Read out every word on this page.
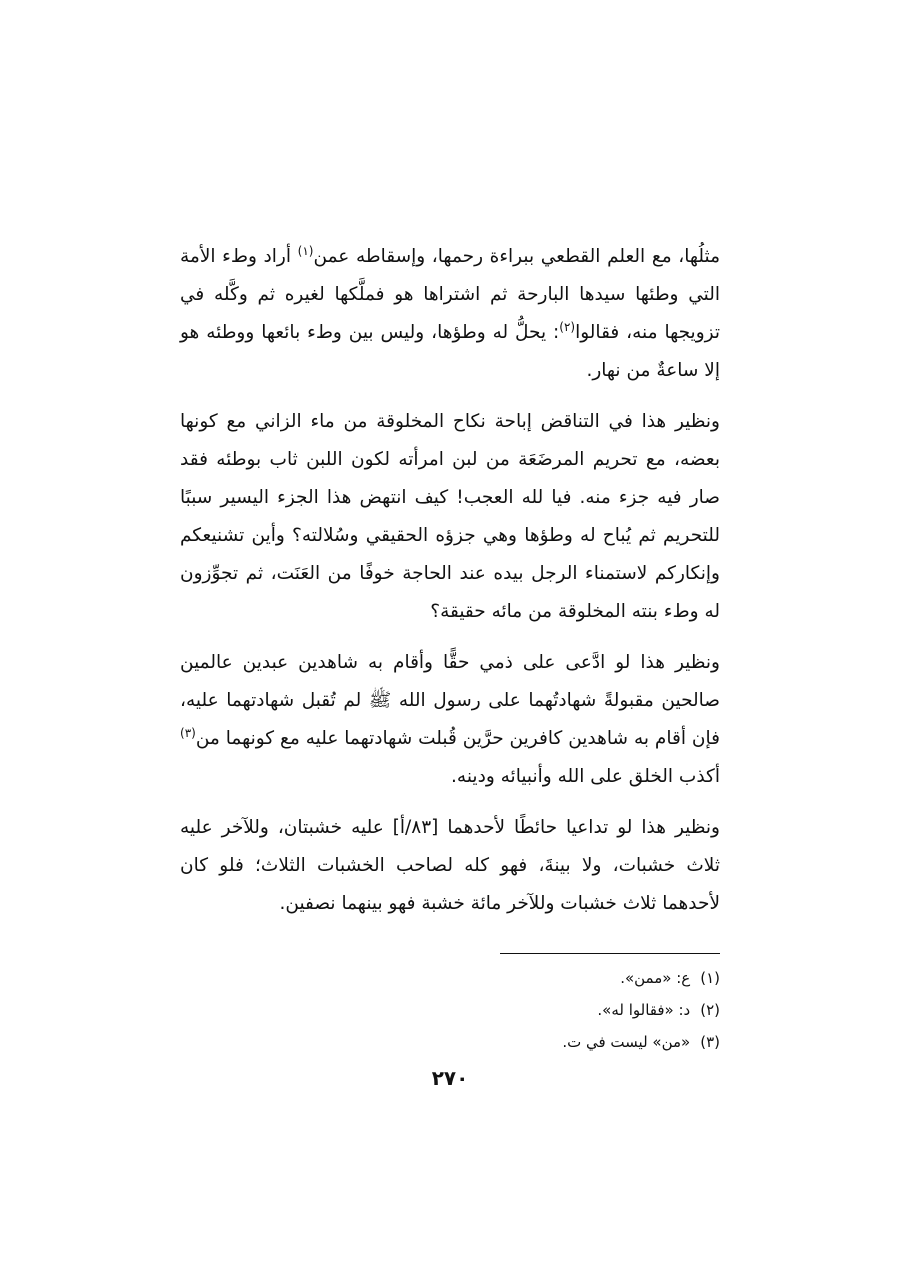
مثلُها، مع العلم القطعي ببراءة رحمها، وإسقاطه عمن$^{(١)}$ أراد وطء الأمة التي وطئها سيدها البارحة ثم اشتراها هو فملَّكها لغيره ثم وكَّله في تزويجها منه، فقالوا$^{(٢)}$: يحلُّ له وطؤها، وليس بين وطء بائعها ووطئه هو إلا ساعةٌ من نهار.

ونظير هذا في التناقض إباحة نكاح المخلوقة من ماء الزاني مع كونها بعضه، مع تحريم المرضَعَة من لبن امرأته لكون اللبن ثاب بوطئه فقد صار فيه جزء منه. فيا لله العجب! كيف انتهض هذا الجزء اليسير سببًا للتحريم ثم يُباح له وطؤها وهي جزؤه الحقيقي وسُلالته؟ وأين تشنيعكم وإنكاركم لاستمناء الرجل بيده عند الحاجة خوفًا من العَنَت، ثم تجوِّزون له وطء بنته المخلوقة من مائه حقيقة؟

ونظير هذا لو ادَّعى على ذمي حقًّا وأقام به شاهدين عبدين عالمين صالحين مقبولةً شهادتُهما على رسول الله ﷺ لم تُقبل شهادتهما عليه، فإن أقام به شاهدين كافرين حرَّين قُبلت شهادتهما عليه مع كونهما من$^{(٣)}$ أكذب الخلق على الله وأنبيائه ودينه.

ونظير هذا لو تداعيا حائطًا لأحدهما [٨٣/أ] عليه خشبتان، وللآخر عليه ثلاث خشبات، ولا بينةَ، فهو كله لصاحب الخشبات الثلاث؛ فلو كان لأحدهما ثلاث خشبات وللآخر مائة خشبة فهو بينهما نصفين.

(١)ع: «ممن».
(٢)د: «فقالوا له».
(٣)«من» ليست في ت.
٢٧٠
